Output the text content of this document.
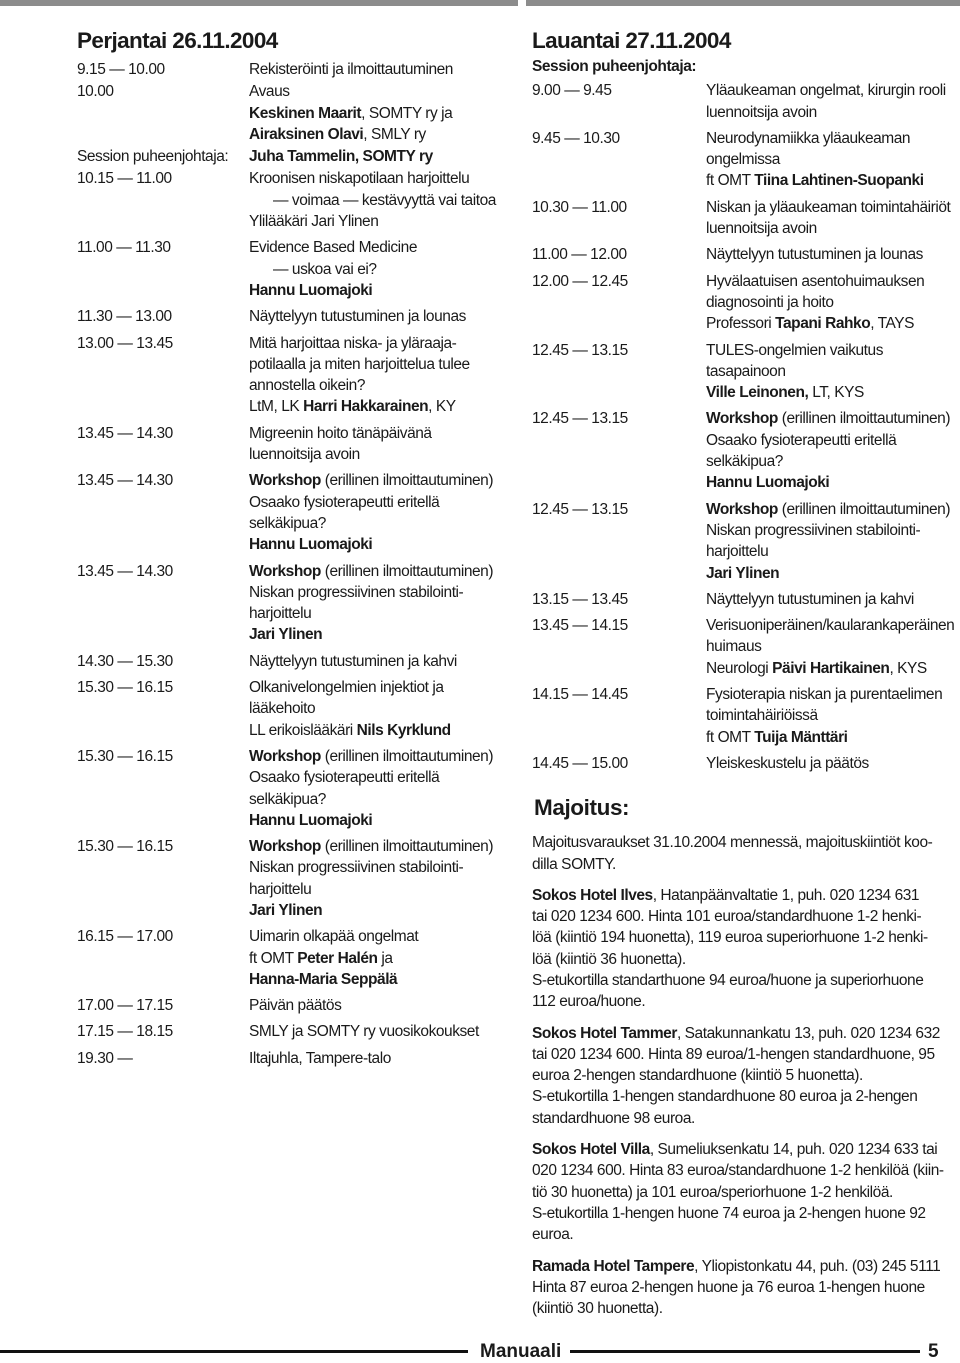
Perjantai 26.11.2004
9.15 — 10.00	Rekisteröinti ja ilmoittautuminen
10.00	Avaus
Keskinen Maarit, SOMTY ry ja
Airaksinen Olavi, SMLY ry
Session puheenjohtaja:	Juha Tammelin, SOMTY ry
10.15 — 11.00	Kroonisen niskapotilaan harjoittelu
— voimaa — kestävyyttä vai taitoa
Ylilääkäri Jari Ylinen
11.00 — 11.30	Evidence Based Medicine
— uskoa vai ei?
Hannu Luomajoki
11.30 — 13.00	Näyttelyyn tutustuminen ja lounas
13.00 — 13.45	Mitä harjoittaa niska- ja yläraaja-
potilaalla ja miten harjoittelua tulee
annostella oikein?
LtM, LK Harri Hakkarainen, KY
13.45 — 14.30	Migreenin hoito tänäpäivänä
luennoitsija avoin
13.45 — 14.30	Workshop (erillinen ilmoittautuminen)
Osaako fysioterapeutti eritellä
selkäkipua?
Hannu Luomajoki
13.45 — 14.30	Workshop (erillinen ilmoittautuminen)
Niskan progressiivinen stabilointi-
harjoittelu
Jari Ylinen
14.30 — 15.30	Näyttelyyn tutustuminen ja kahvi
15.30 — 16.15	Olkanivelongelmien injektiot ja
lääkehoito
LL erikoislääkäri Nils Kyrklund
15.30 — 16.15	Workshop (erillinen ilmoittautuminen)
Osaako fysioterapeutti eritellä
selkäkipua?
Hannu Luomajoki
15.30 — 16.15	Workshop (erillinen ilmoittautuminen)
Niskan progressiivinen stabilointi-
harjoittelu
Jari Ylinen
16.15 — 17.00	Uimarin olkapää ongelmat
ft OMT Peter Halén ja
Hanna-Maria Seppälä
17.00 — 17.15	Päivän päätös
17.15 — 18.15	SMLY ja SOMTY ry vuosikokoukset
19.30 —	Iltajuhla, Tampere-talo
Lauantai 27.11.2004
Session puheenjohtaja:
9.00 — 9.45	Yläaukeaman ongelmat, kirurgin rooli
luennoitsija avoin
9.45 — 10.30	Neurodynamiikka yläaukeaman
ongelmissa
ft OMT Tiina Lahtinen-Suopanki
10.30 — 11.00	Niskan ja yläaukeaman toimintahäiriöt
luennoitsija avoin
11.00 — 12.00	Näyttelyyn tutustuminen ja lounas
12.00 — 12.45	Hyvälaatuisen asentohuimauksen
diagnosointi ja hoito
Professori Tapani Rahko, TAYS
12.45 — 13.15	TULES-ongelmien vaikutus
tasapainoon
Ville Leinonen, LT, KYS
12.45 — 13.15	Workshop (erillinen ilmoittautuminen)
Osaako fysioterapeutti eritellä
selkäkipua?
Hannu Luomajoki
12.45 — 13.15	Workshop (erillinen ilmoittautuminen)
Niskan progressiivinen stabilointi-
harjoittelu
Jari Ylinen
13.15 — 13.45	Näyttelyyn tutustuminen ja kahvi
13.45 — 14.15	Verisuoniperäinen/kaularankaperäinen
huimaus
Neurologi Päivi Hartikainen, KYS
14.15 — 14.45	Fysioterapia niskan ja purentaelimen
toimintahäiriöissä
ft OMT Tuija Mänttäri
14.45 — 15.00	Yleiskeskustelu ja päätös
Majoitus:
Majoitusvaraukset 31.10.2004 mennessä, majoituskiintiöt koo-
dilla SOMTY.
Sokos Hotel Ilves, Hatanpäänvaltatie 1, puh. 020 1234 631
tai 020 1234 600. Hinta 101 euroa/standardhuone 1-2 henki-
löä (kiintiö 194 huonetta), 119 euroa superiorhuone 1-2 henki-
löä (kiintiö 36 huonetta).
S-etukortilla standarthuone 94 euroa/huone ja superiorhuone
112 euroa/huone.
Sokos Hotel Tammer, Satakunnankatu 13, puh. 020 1234 632
tai 020 1234 600. Hinta 89 euroa/1-hengen standardhuone, 95
euroa 2-hengen standardhuone (kiintiö 5 huonetta).
S-etukortilla 1-hengen standardhuone 80 euroa ja 2-hengen
standardhuone 98 euroa.
Sokos Hotel Villa, Sumeliuksenkatu 14, puh. 020 1234 633 tai
020 1234 600. Hinta 83 euroa/standardhuone 1-2 henkilöä (kiin-
tiö 30 huonetta) ja 101 euroa/speriorhuone 1-2 henkilöä.
S-etukortilla 1-hengen huone 74 euroa ja 2-hengen huone 92
euroa.
Ramada Hotel Tampere, Yliopistonkatu 44, puh. (03) 245 5111
Hinta 87 euroa 2-hengen huone ja 76 euroa 1-hengen huone
(kiintiö 30 huonetta).
Manuaali	5
